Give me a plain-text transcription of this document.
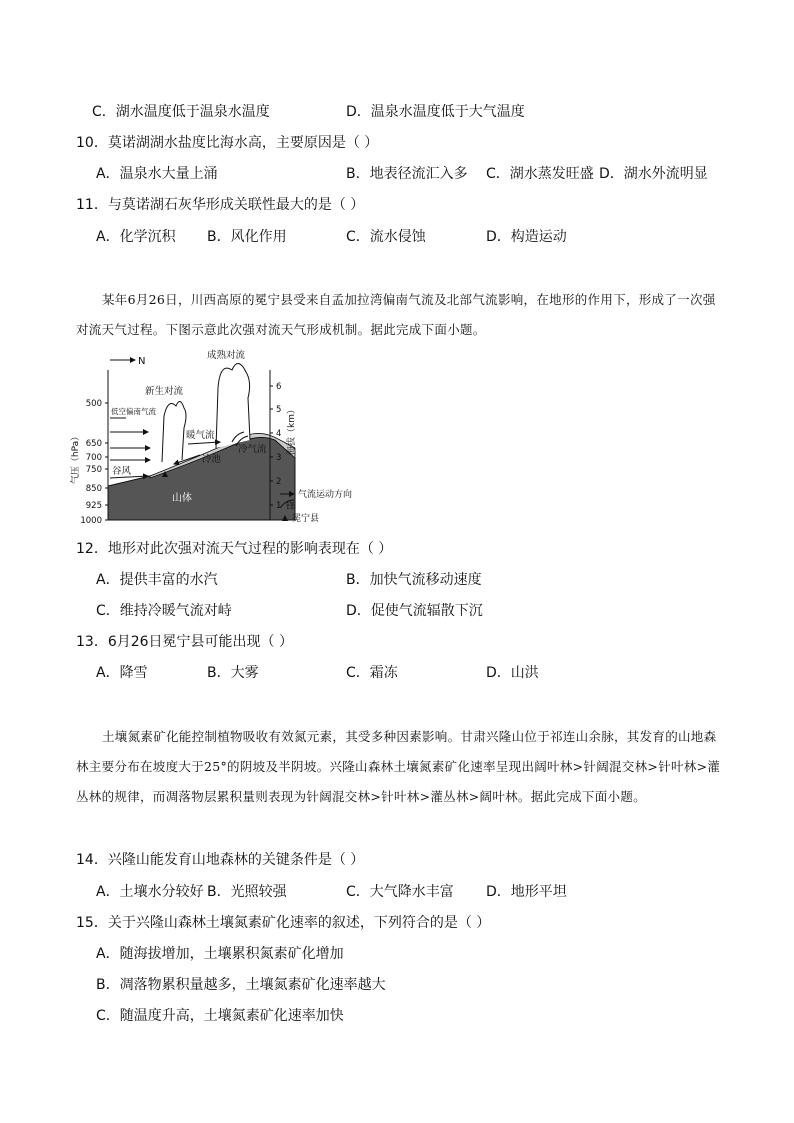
C．湖水温度低于温泉水温度	D．温泉水温度低于大气温度
10．莫诺湖湖水盐度比海水高，主要原因是（ ）
A．温泉水大量上涌	B．地表径流汇入多 C．湖水蒸发旺盛 D．湖水外流明显
11．与莫诺湖石灰华形成关联性最大的是（ ）
A．化学沉积 B．风化作用	C．流水侵蚀	D．构造运动
某年6月26日，川西高原的冕宁县受来自孟加拉湾偏南气流及北部气流影响，在地形的作用下，形成了一次强对流天气过程。下图示意此次强对流天气形成机制。据此完成下面小题。
N
500
650
700
750
850
925
1000
气压（hPa）
山体
新生对流
成熟对流
低空偏南气流
谷风
暖气流
冷气流
冷池
6
5
4
3
2
1
海拔（km）
气流运动方向
锋
冕宁县
12．地形对此次强对流天气过程的影响表现在（ ）
A．提供丰富的水汽	B．加快气流移动速度
C．维持冷暖气流对峙	D．促使气流辐散下沉
13．6月26日冕宁县可能出现（ ）
A．降雪	B．大雾	C．霜冻	D．山洪
土壤氮素矿化能控制植物吸收有效氮元素，其受多种因素影响。甘肃兴隆山位于祁连山余脉，其发育的山地森林主要分布在坡度大于25°的阴坡及半阴坡。兴隆山森林土壤氮素矿化速率呈现出阔叶林>针阔混交林>针叶林>灌丛林的规律，而凋落物层累积量则表现为针阔混交林>针叶林>灌丛林>阔叶林。据此完成下面小题。
14．兴隆山能发育山地森林的关键条件是（ ）
A．土壤水分较好 B．光照较强	C．大气降水丰富 D．地形平坦
15．关于兴隆山森林土壤氮素矿化速率的叙述，下列符合的是（ ）
A．随海拔增加，土壤累积氮素矿化增加
B．凋落物累积量越多，土壤氮素矿化速率越大
C．随温度升高，土壤氮素矿化速率加快
